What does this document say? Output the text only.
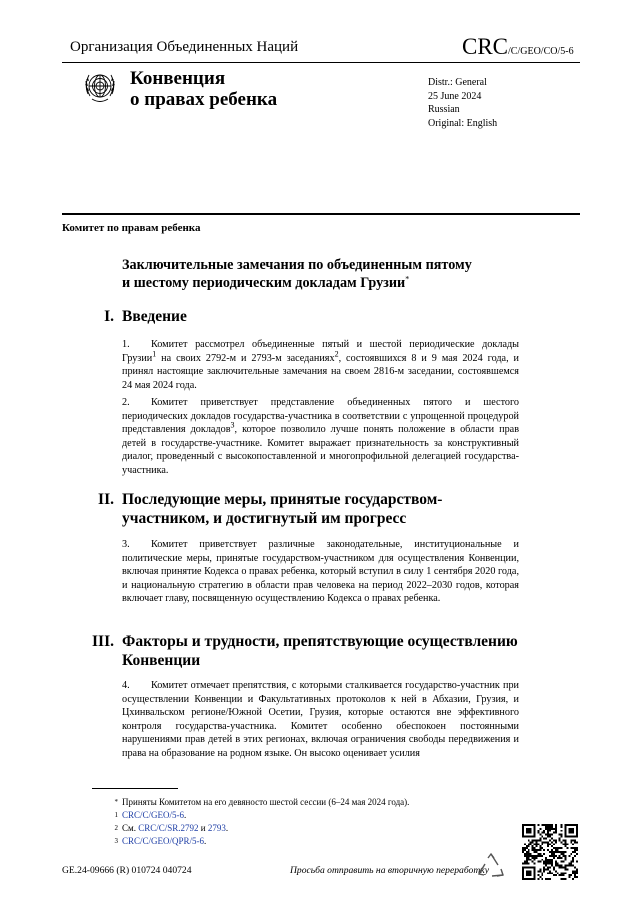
Организация Объединенных Наций	CRC/C/GEO/CO/5-6
Конвенция
о правах ребенка
Distr.: General
25 June 2024
Russian
Original: English
Комитет по правам ребенка
Заключительные замечания по объединенным пятому
и шестому периодическим докладам Грузии*
I. Введение
1. Комитет рассмотрел объединенные пятый и шестой периодические доклады Грузии$^1$ на своих 2792-м и 2793-м заседаниях$^2$, состоявшихся 8 и 9 мая 2024 года, и принял настоящие заключительные замечания на своем 2816-м заседании, состоявшемся 24 мая 2024 года.
2. Комитет приветствует представление объединенных пятого и шестого периодических докладов государства-участника в соответствии с упрощенной процедурой представления докладов$^3$, которое позволило лучше понять положение в области прав детей в государстве-участнике. Комитет выражает признательность за конструктивный диалог, проведенный с высокопоставленной и многопрофильной делегацией государства-участника.
II. Последующие меры, принятые государством-
участником, и достигнутый им прогресс
3. Комитет приветствует различные законодательные, институциональные и политические меры, принятые государством-участником для осуществления Конвенции, включая принятие Кодекса о правах ребенка, который вступил в силу 1 сентября 2020 года, и национальную стратегию в области прав человека на период 2022–2030 годов, которая включает главу, посвященную осуществлению Кодекса о правах ребенка.
III. Факторы и трудности, препятствующие осуществлению
Конвенции
4. Комитет отмечает препятствия, с которыми сталкивается государство-участник при осуществлении Конвенции и Факультативных протоколов к ней в Абхазии, Грузия, и Цхинвальском регионе/Южной Осетии, Грузия, которые остаются вне эффективного контроля государства-участника. Комитет особенно обеспокоен постоянными нарушениями прав детей в этих регионах, включая ограничения свободы передвижения и права на образование на родном языке. Он высоко оценивает усилия
* Приняты Комитетом на его девяносто шестой сессии (6–24 мая 2024 года).
1 CRC/C/GEO/5-6.
2 См. CRC/C/SR.2792 и 2793.
3 CRC/C/GEO/QPR/5-6.
GE.24-09666 (R) 010724 040724	Просьба отправить на вторичную переработку
